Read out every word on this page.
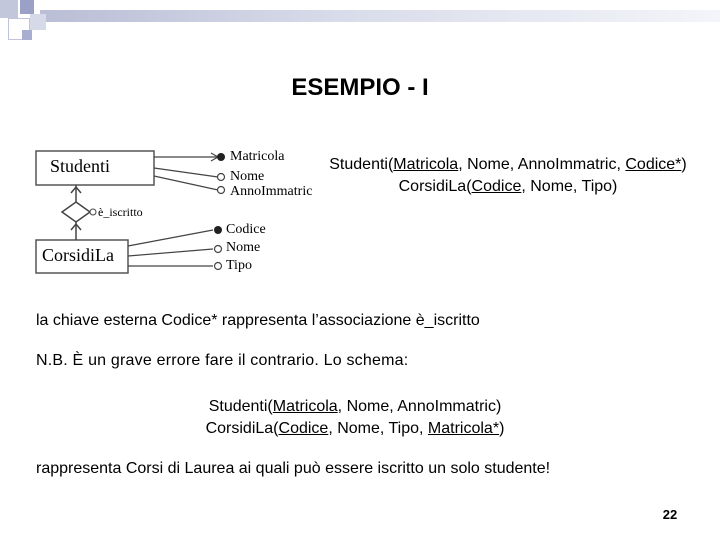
ESEMPIO - I
Studenti
CorsidiLa
è_iscritto
Matricola
Nome
AnnoImmatric
Codice
Nome
Tipo
Studenti(Matricola, Nome, AnnoImmatric, Codice*)
CorsidiLa(Codice, Nome, Tipo)
la chiave esterna Codice* rappresenta l’associazione è_iscritto
N.B. È un grave errore fare il contrario. Lo schema:
Studenti(Matricola, Nome, AnnoImmatric)
CorsidiLa(Codice, Nome, Tipo, Matricola*)
rappresenta Corsi di Laurea ai quali può essere iscritto un solo studente!
22
